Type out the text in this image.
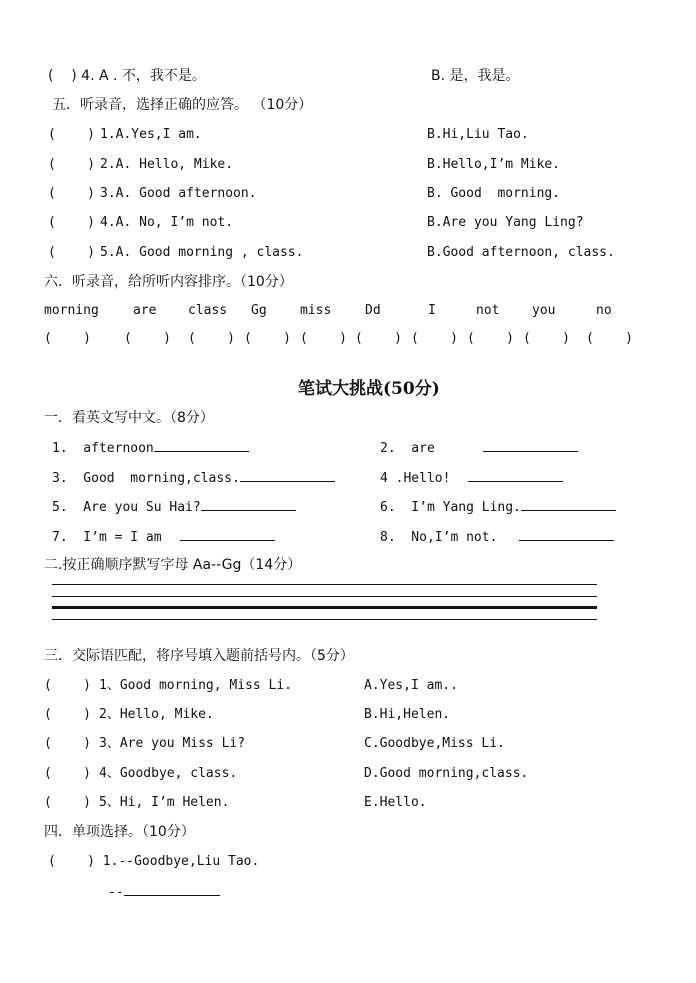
(    ) 4. A . 不，我不是。	B. 是，我是。
五．听录音，选择正确的应答。 （10分）
(    ) 1.A.Yes,I am.	B.Hi,Liu Tao.
(    ) 2.A. Hello, Mike.	B.Hello,I’m Mike.
(    ) 3.A. Good afternoon.	B. Good  morning.
(    ) 4.A. No, I’m not.	B.Are you Yang Ling?
(    ) 5.A. Good morning , class.	B.Good afternoon, class.
六．听录音，给所听内容排序。（10分）
morning	are class Gg	miss	Dd	I	not	you	no
(    )	(    ) (    ) (    ) (    ) (    ) (    ) (    ) (    ) (    )
笔试大挑战(50分)
一．看英文写中文。（8分）
1.  afternoon	2.  are
3.  Good  morning,class.	4 .Hello!
5.  Are you Su Hai?	6.  I’m Yang Ling.
7.  I’m = I am	8.  No,I’m not.
二.按正确顺序默写字母 Aa--Gg（14分）
三．交际语匹配，将序号填入题前括号内。（5分）
(    ) 1、Good morning, Miss Li.	A.Yes,I am..
(    ) 2、Hello, Mike.	B.Hi,Helen.
(    ) 3、Are you Miss Li?	C.Goodbye,Miss Li.
(    ) 4、Goodbye, class.	D.Good morning,class.
(    ) 5、Hi, I’m Helen.	E.Hello.
四．单项选择。（10分）
(    ) 1.--Goodbye,Liu Tao.
--
